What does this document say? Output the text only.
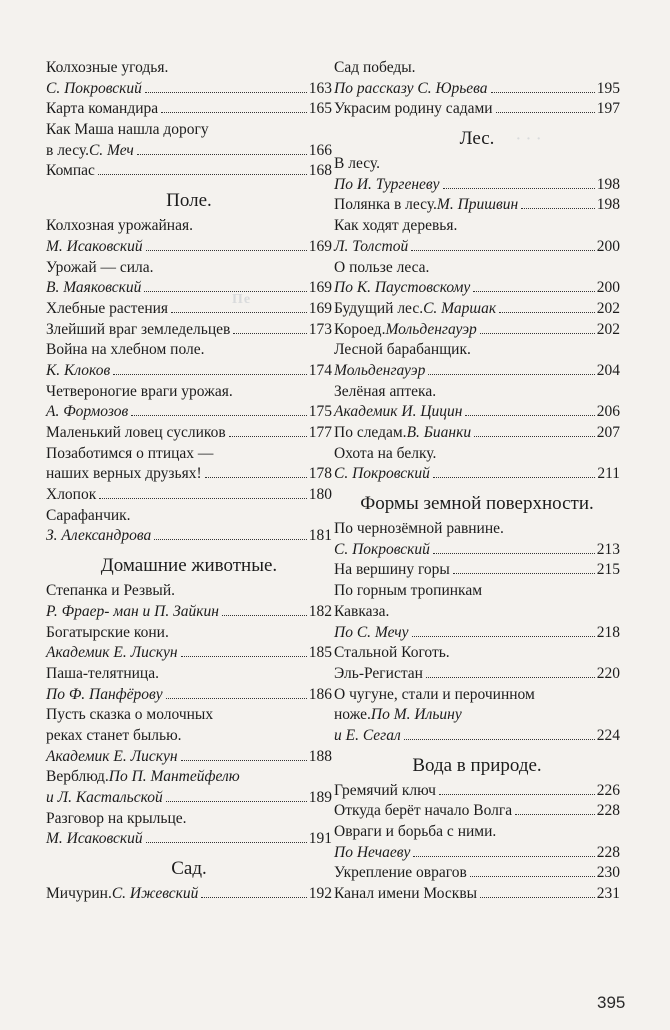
Колхозные угодья.
С. Покровский	163
Карта командира	165
Как Маша нашла дорогу
в лесу. С. Меч	166
Компас	168
Поле.
Колхозная урожайная.
М. Исаковский	169
Урожай — сила.
В. Маяковский	169
Хлебные растения	169
Злейший враг земледельцев	173
Война на хлебном поле.
К. Клоков	174
Четвероногие враги урожая.
А. Формозов	175
Маленький ловец сусликов	177
Позаботимся о птицах —
наших верных друзьях!	178
Хлопок	180
Сарафанчик.
З. Александрова	181
Домашние животные.
Степанка и Резвый.
Р. Фраер- ман и П. Зайкин	182
Богатырские кони.
Академик Е. Лискун	185
Паша-телятница.
По Ф. Панфёрову	186
Пусть сказка о молочных
реках станет былью.
Академик Е. Лискун	188
Верблюд. По П. Мантейфелю
и Л. Кастальской	189
Разговор на крыльце.
М. Исаковский	191
Сад.
Мичурин. С. Ижевский	192
Сад победы.
По рассказу С. Юрьева	195
Украсим родину садами	197
Лес.
В лесу.
По И. Тургеневу	198
Полянка в лесу. М. Пришвин	198
Как ходят деревья.
Л. Толстой	200
О пользе леса.
По К. Паустовскому	200
Будущий лес. С. Маршак	202
Короед. Мольденгауэр	202
Лесной барабанщик.
Мольденгауэр	204
Зелёная аптека.
Академик И. Цицин	206
По следам. В. Бианки	207
Охота на белку.
С. Покровский	211
Формы земной поверхности.
По чернозёмной равнине.
С. Покровский	213
На вершину горы	215
По горным тропинкам
Кавказа.
По С. Мечу	218
Стальной Коготь.
Эль-Регистан	220
О чугуне, стали и перочинном
ноже. По М. Ильину
и Е. Сегал	224
Вода в природе.
Гремячий ключ	226
Откуда берёт начало Волга	228
Овраги и борьба с ними.
По Нечаеву	228
Укрепление оврагов	230
Канал имени Москвы	231
Пе
· · ·
395
